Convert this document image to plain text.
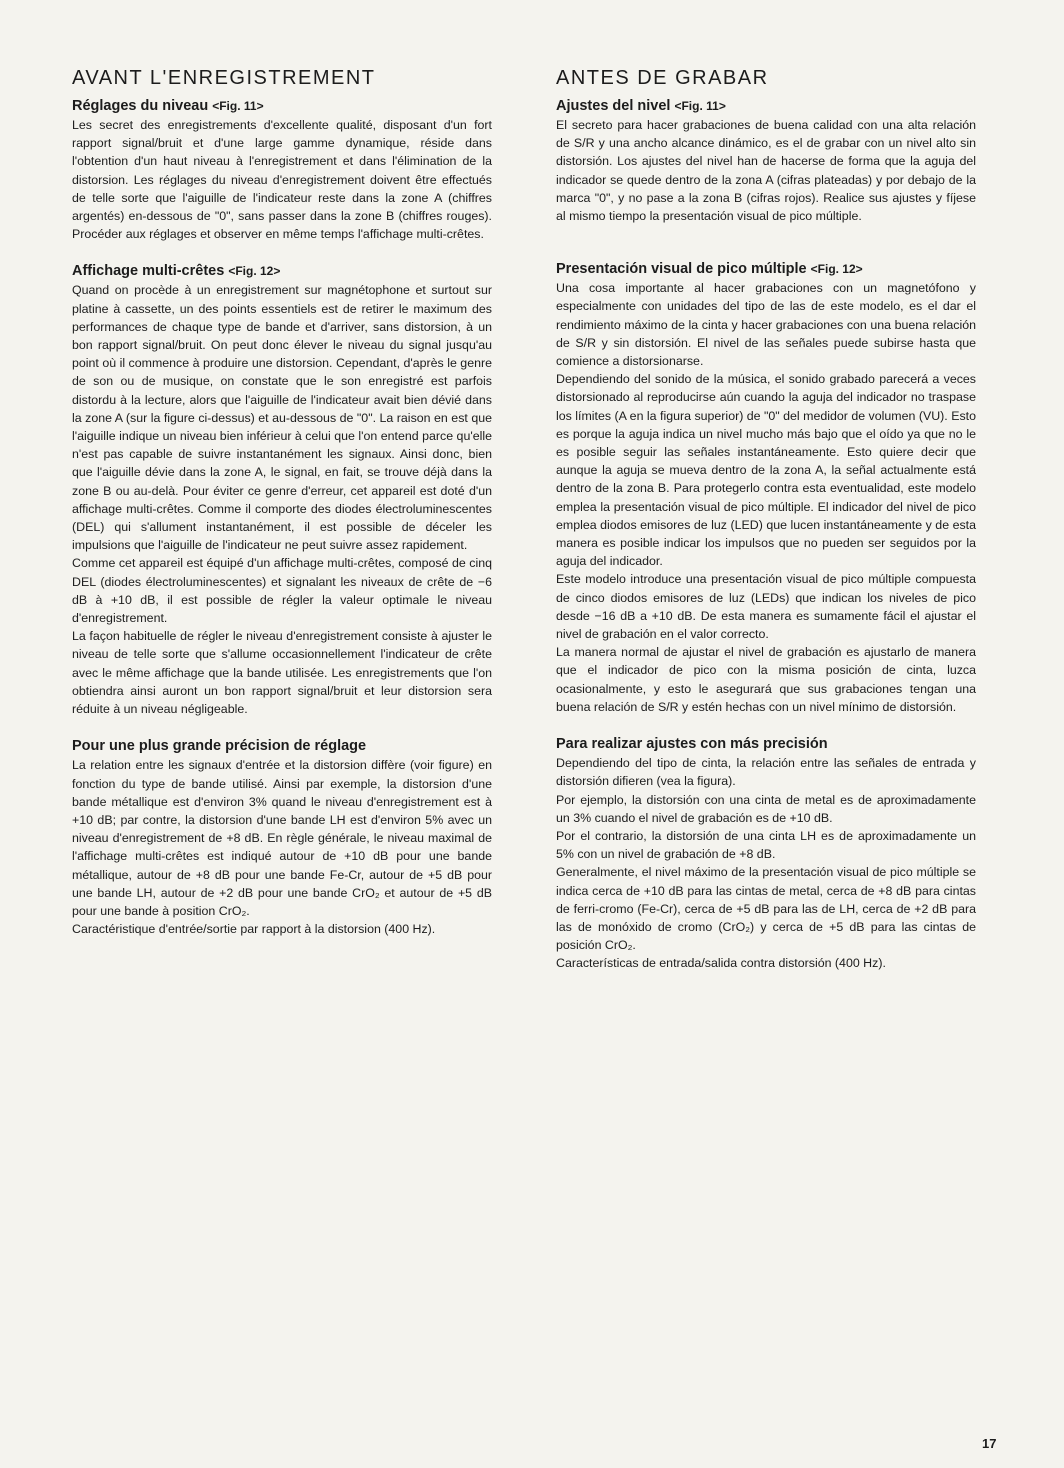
AVANT L'ENREGISTREMENT
Réglages du niveau <Fig. 11>

Les secret des enregistrements d'excellente qualité, disposant d'un fort rapport signal/bruit et d'une large gamme dynamique, réside dans l'obtention d'un haut niveau à l'enregistrement et dans l'élimination de la distorsion. Les réglages du niveau d'enregistrement doivent être effectués de telle sorte que l'aiguille de l'indicateur reste dans la zone A (chiffres argentés) en-dessous de "0", sans passer dans la zone B (chiffres rouges). Procéder aux réglages et observer en même temps l'affichage multi-crêtes.

Affichage multi-crêtes <Fig. 12>

Quand on procède à un enregistrement sur magnétophone et surtout sur platine à cassette, un des points essentiels est de retirer le maximum des performances de chaque type de bande et d'arriver, sans distorsion, à un bon rapport signal/bruit. On peut donc élever le niveau du signal jusqu'au point où il commence à produire une distorsion. Cependant, d'après le genre de son ou de musique, on constate que le son enregistré est parfois distordu à la lecture, alors que l'aiguille de l'indicateur avait bien dévié dans la zone A (sur la figure ci-dessus) et au-dessous de "0". La raison en est que l'aiguille indique un niveau bien inférieur à celui que l'on entend parce qu'elle n'est pas capable de suivre instantanément les signaux. Ainsi donc, bien que l'aiguille dévie dans la zone A, le signal, en fait, se trouve déjà dans la zone B ou au-delà. Pour éviter ce genre d'erreur, cet appareil est doté d'un affichage multi-crêtes. Comme il comporte des diodes électroluminescentes (DEL) qui s'allument instantanément, il est possible de déceler les impulsions que l'aiguille de l'indicateur ne peut suivre assez rapidement.

Comme cet appareil est équipé d'un affichage multi-crêtes, composé de cinq DEL (diodes électroluminescentes) et signalant les niveaux de crête de −6 dB à +10 dB, il est possible de régler la valeur optimale le niveau d'enregistrement.

La façon habituelle de régler le niveau d'enregistrement consiste à ajuster le niveau de telle sorte que s'allume occasionnellement l'indicateur de crête avec le même affichage que la bande utilisée. Les enregistrements que l'on obtiendra ainsi auront un bon rapport signal/bruit et leur distorsion sera réduite à un niveau négligeable.

Pour une plus grande précision de réglage

La relation entre les signaux d'entrée et la distorsion diffère (voir figure) en fonction du type de bande utilisé. Ainsi par exemple, la distorsion d'une bande métallique est d'environ 3% quand le niveau d'enregistrement est à +10 dB; par contre, la distorsion d'une bande LH est d'environ 5% avec un niveau d'enregistrement de +8 dB. En règle générale, le niveau maximal de l'affichage multi-crêtes est indiqué autour de +10 dB pour une bande métallique, autour de +8 dB pour une bande Fe-Cr, autour de +5 dB pour une bande LH, autour de +2 dB pour une bande CrO₂ et autour de +5 dB pour une bande à position CrO₂.

Caractéristique d'entrée/sortie par rapport à la distorsion (400 Hz).

ANTES DE GRABAR
Ajustes del nivel <Fig. 11>

El secreto para hacer grabaciones de buena calidad con una alta relación de S/R y una ancho alcance dinámico, es el de grabar con un nivel alto sin distorsión. Los ajustes del nivel han de hacerse de forma que la aguja del indicador se quede dentro de la zona A (cifras plateadas) y por debajo de la marca "0", y no pase a la zona B (cifras rojos). Realice sus ajustes y fíjese al mismo tiempo la presentación visual de pico múltiple.

Presentación visual de pico múltiple <Fig. 12>

Una cosa importante al hacer grabaciones con un magnetófono y especialmente con unidades del tipo de las de este modelo, es el dar el rendimiento máximo de la cinta y hacer grabaciones con una buena relación de S/R y sin distorsión. El nivel de las señales puede subirse hasta que comience a distorsionarse.

Dependiendo del sonido de la música, el sonido grabado parecerá a veces distorsionado al reproducirse aún cuando la aguja del indicador no traspase los límites (A en la figura superior) de "0" del medidor de volumen (VU). Esto es porque la aguja indica un nivel mucho más bajo que el oído ya que no le es posible seguir las señales instantáneamente. Esto quiere decir que aunque la aguja se mueva dentro de la zona A, la señal actualmente está dentro de la zona B. Para protegerlo contra esta eventualidad, este modelo emplea la presentación visual de pico múltiple. El indicador del nivel de pico emplea diodos emisores de luz (LED) que lucen instantáneamente y de esta manera es posible indicar los impulsos que no pueden ser seguidos por la aguja del indicador.

Este modelo introduce una presentación visual de pico múltiple compuesta de cinco diodos emisores de luz (LEDs) que indican los niveles de pico desde −16 dB a +10 dB. De esta manera es sumamente fácil el ajustar el nivel de grabación en el valor correcto.

La manera normal de ajustar el nivel de grabación es ajustarlo de manera que el indicador de pico con la misma posición de cinta, luzca ocasionalmente, y esto le asegurará que sus grabaciones tengan una buena relación de S/R y estén hechas con un nivel mínimo de distorsión.

Para realizar ajustes con más precisión

Dependiendo del tipo de cinta, la relación entre las señales de entrada y distorsión difieren (vea la figura).

Por ejemplo, la distorsión con una cinta de metal es de aproximadamente un 3% cuando el nivel de grabación es de +10 dB.

Por el contrario, la distorsión de una cinta LH es de aproximadamente un 5% con un nivel de grabación de +8 dB.

Generalmente, el nivel máximo de la presentación visual de pico múltiple se indica cerca de +10 dB para las cintas de metal, cerca de +8 dB para cintas de ferri-cromo (Fe-Cr), cerca de +5 dB para las de LH, cerca de +2 dB para las de monóxido de cromo (CrO₂) y cerca de +5 dB para las cintas de posición CrO₂.

Características de entrada/salida contra distorsión (400 Hz).

17
